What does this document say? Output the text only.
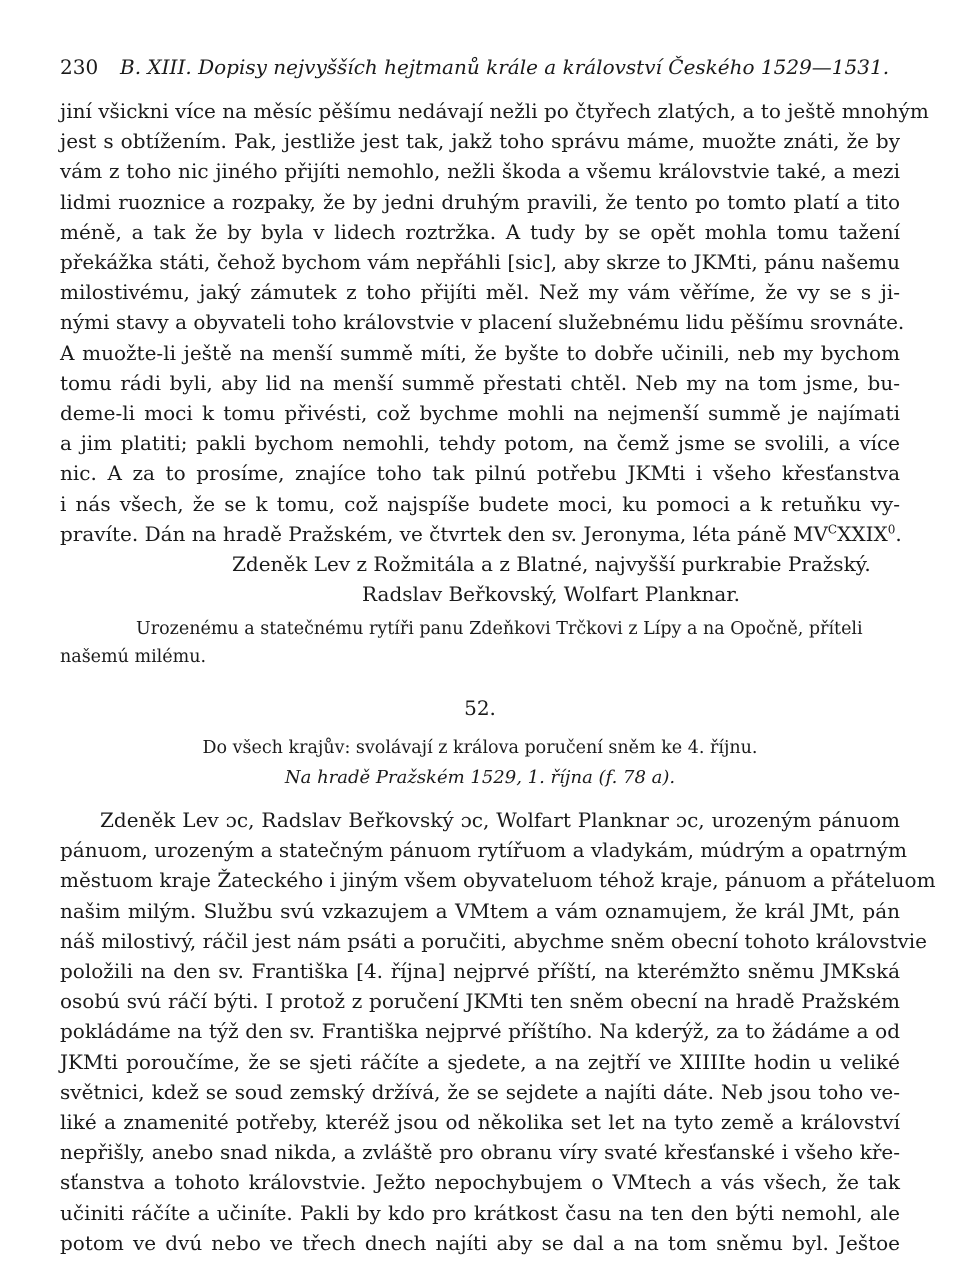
230	B. XIII. Dopisy nejvyšších hejtmanů krále a království Českého 1529—1531.
jiní všickni více na měsíc pěšímu nedávají nežli po čtyřech zlatých, a to ještě mnohým
jest s obtížením. Pak, jestliže jest tak, jakž toho správu máme, muožte znáti, že by
vám z toho nic jiného přijíti nemohlo, nežli škoda a všemu královstvie také, a mezi
lidmi ruoznice a rozpaky, že by jedni druhým pravili, že tento po tomto platí a tito
méně, a tak že by byla v lidech roztržka. A tudy by se opět mohla tomu tažení
překážka státi, čehož bychom vám nepřáhli [sic], aby skrze to JKMti, pánu našemu
milostivému, jaký zámutek z toho přijíti měl. Než my vám věříme, že vy se s ji-
nými stavy a obyvateli toho královstvie v placení služebnému lidu pěšímu srovnáte.
A muožte-li ještě na menší summě míti, že byšte to dobře učinili, neb my bychom
tomu rádi byli, aby lid na menší summě přestati chtěl. Neb my na tom jsme, bu-
deme-li moci k tomu přivésti, což bychme mohli na nejmenší summě je najímati
a jim platiti; pakli bychom nemohli, tehdy potom, na čemž jsme se svolili, a více
nic. A za to prosíme, znajíce toho tak pilnú potřebu JKMti i všeho křesťanstva
i nás všech, že se k tomu, což najspíše budete moci, ku pomoci a k retuňku vy-
pravíte. Dán na hradě Pražském, ve čtvrtek den sv. Jeronyma, léta páně $MV^CXXIX^0$.
Zdeněk Lev z Rožmitála a z Blatné, najvyšší purkrabie Pražský.
Radslav Beřkovský, Wolfart Planknar.
Urozenému a statečnému rytíři panu Zdeňkovi Trčkovi z Lípy a na Opočně, příteli
našemú milému.
52.
Do všech krajův: svolávají z králova poručení sněm ke 4. říjnu.
Na hradě Pražském 1529, 1. října (f. 78 a).
Zdeněk Lev ɔc, Radslav Beřkovský ɔc, Wolfart Planknar ɔc, urozeným pánuom
pánuom, urozeným a statečným pánuom rytířuom a vladykám, múdrým a opatrným
městuom kraje Žateckého i jiným všem obyvateluom téhož kraje, pánuom a přáteluom
našim milým. Službu svú vzkazujem a VMtem a vám oznamujem, že král JMt, pán
náš milostivý, ráčil jest nám psáti a poručiti, abychme sněm obecní tohoto královstvie
položili na den sv. Františka [4. října] nejprvé příští, na kterémžto sněmu JMKská
osobú svú ráčí býti. I protož z poručení JKMti ten sněm obecní na hradě Pražském
pokládáme na týž den sv. Františka nejprvé příštího. Na kderýž, za to žádáme a od
JKMti poroučíme, že se sjeti ráčíte a sjedete, a na zejtří ve XIIIIte hodin u veliké
světnici, kdež se soud zemský držívá, že se sejdete a najíti dáte. Neb jsou toho ve-
liké a znamenité potřeby, kteréž jsou od několika set let na tyto země a království
nepřišly, anebo snad nikda, a zvláště pro obranu víry svaté křesťanské i všeho kře-
sťanstva a tohoto královstvie. Ježto nepochybujem o VMtech a vás všech, že tak
učiniti ráčíte a učiníte. Pakli by kdo pro krátkost času na ten den býti nemohl, ale
potom ve dvú nebo ve třech dnech najíti aby se dal a na tom sněmu byl. Ještoe
